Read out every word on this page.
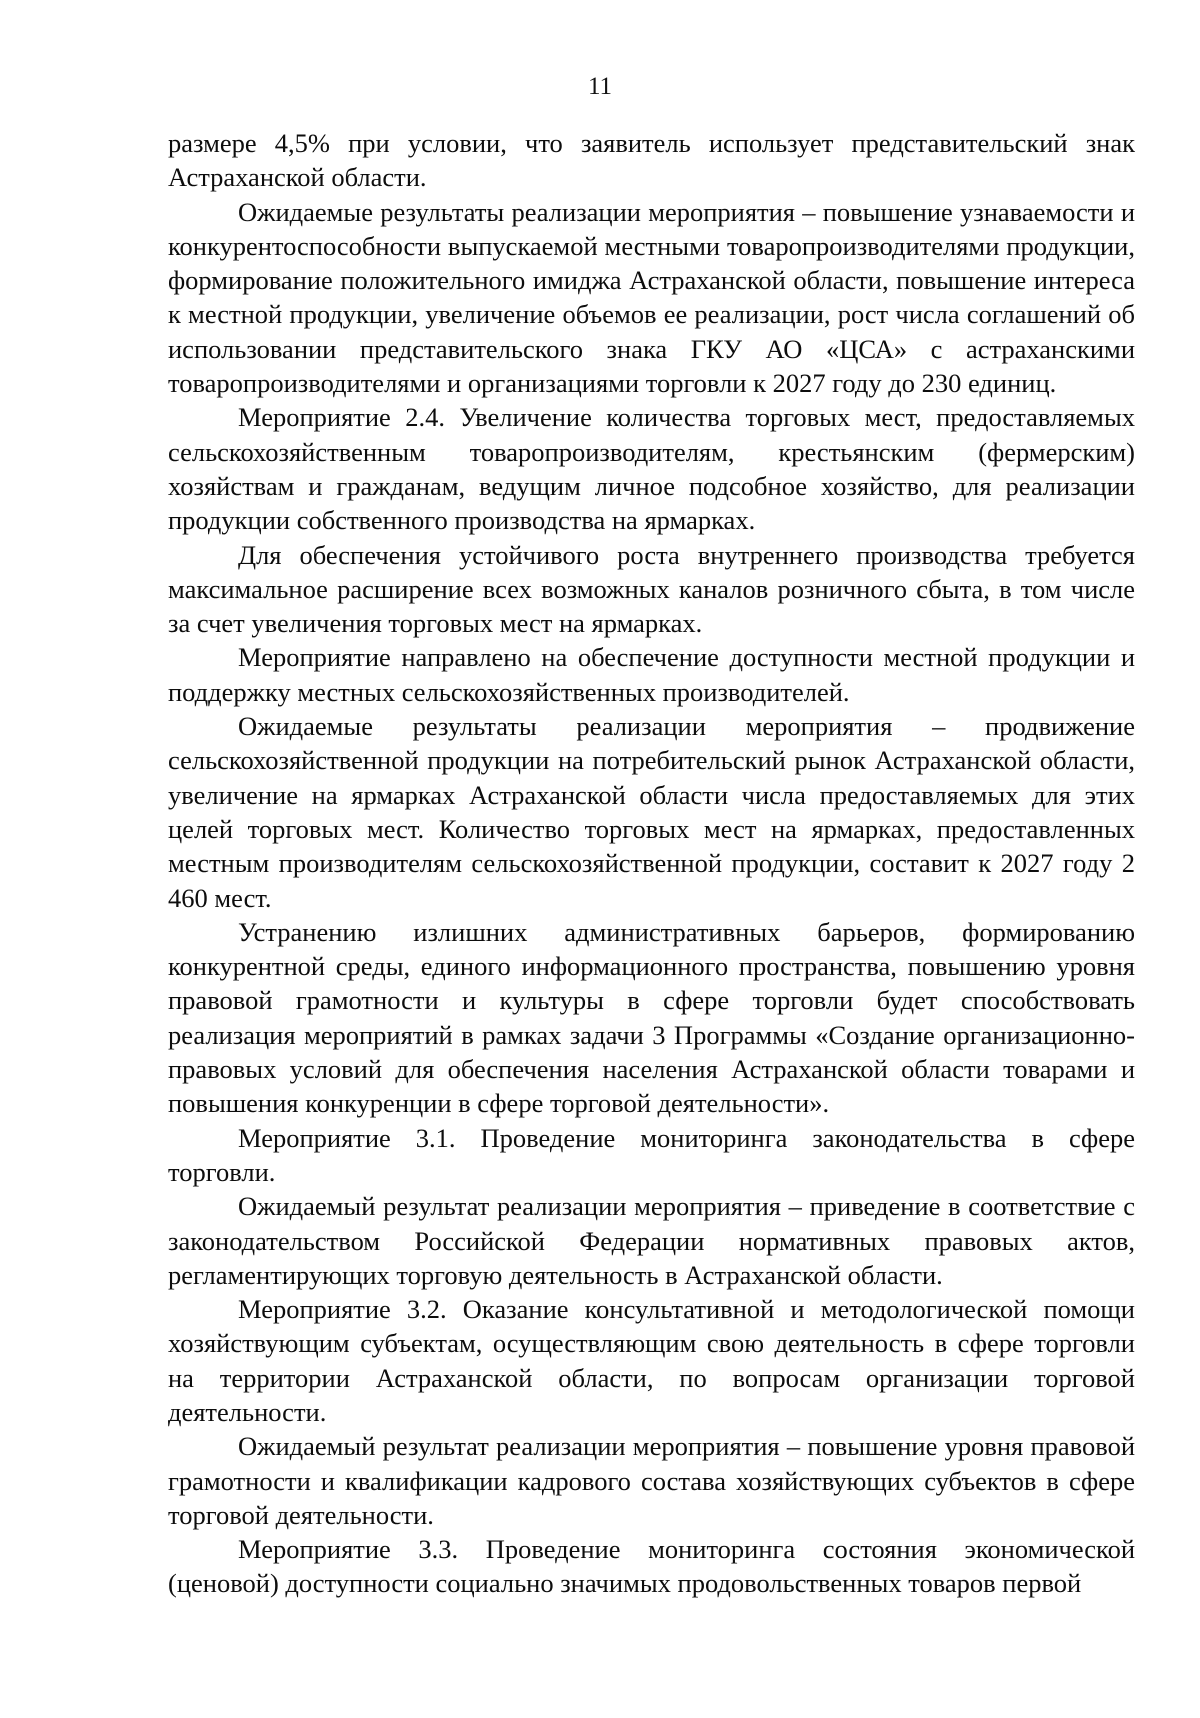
11

размере 4,5% при условии, что заявитель использует представительский знак Астраханской области.

Ожидаемые результаты реализации мероприятия – повышение узнаваемости и конкурентоспособности выпускаемой местными товаропроизводителями продукции, формирование положительного имиджа Астраханской области, повышение интереса к местной продукции, увеличение объемов ее реализации, рост числа соглашений об использовании представительского знака ГКУ АО «ЦСА» с астраханскими товаропроизводителями и организациями торговли к 2027 году до 230 единиц.

Мероприятие 2.4. Увеличение количества торговых мест, предоставляемых сельскохозяйственным товаропроизводителям, крестьянским (фермерским) хозяйствам и гражданам, ведущим личное подсобное хозяйство, для реализации продукции собственного производства на ярмарках.

Для обеспечения устойчивого роста внутреннего производства требуется максимальное расширение всех возможных каналов розничного сбыта, в том числе за счет увеличения торговых мест на ярмарках.

Мероприятие направлено на обеспечение доступности местной продукции и поддержку местных сельскохозяйственных производителей.

Ожидаемые результаты реализации мероприятия – продвижение сельскохозяйственной продукции на потребительский рынок Астраханской области, увеличение на ярмарках Астраханской области числа предоставляемых для этих целей торговых мест. Количество торговых мест на ярмарках, предоставленных местным производителям сельскохозяйственной продукции, составит к 2027 году 2 460 мест.

Устранению излишних административных барьеров, формированию конкурентной среды, единого информационного пространства, повышению уровня правовой грамотности и культуры в сфере торговли будет способствовать реализация мероприятий в рамках задачи 3 Программы «Создание организационно-правовых условий для обеспечения населения Астраханской области товарами и повышения конкуренции в сфере торговой деятельности».

Мероприятие 3.1. Проведение мониторинга законодательства в сфере торговли.

Ожидаемый результат реализации мероприятия – приведение в соответствие с законодательством Российской Федерации нормативных правовых актов, регламентирующих торговую деятельность в Астраханской области.

Мероприятие 3.2. Оказание консультативной и методологической помощи хозяйствующим субъектам, осуществляющим свою деятельность в сфере торговли на территории Астраханской области, по вопросам организации торговой деятельности.

Ожидаемый результат реализации мероприятия – повышение уровня правовой грамотности и квалификации кадрового состава хозяйствующих субъектов в сфере торговой деятельности.

Мероприятие 3.3. Проведение мониторинга состояния экономической (ценовой) доступности социально значимых продовольственных товаров первой
